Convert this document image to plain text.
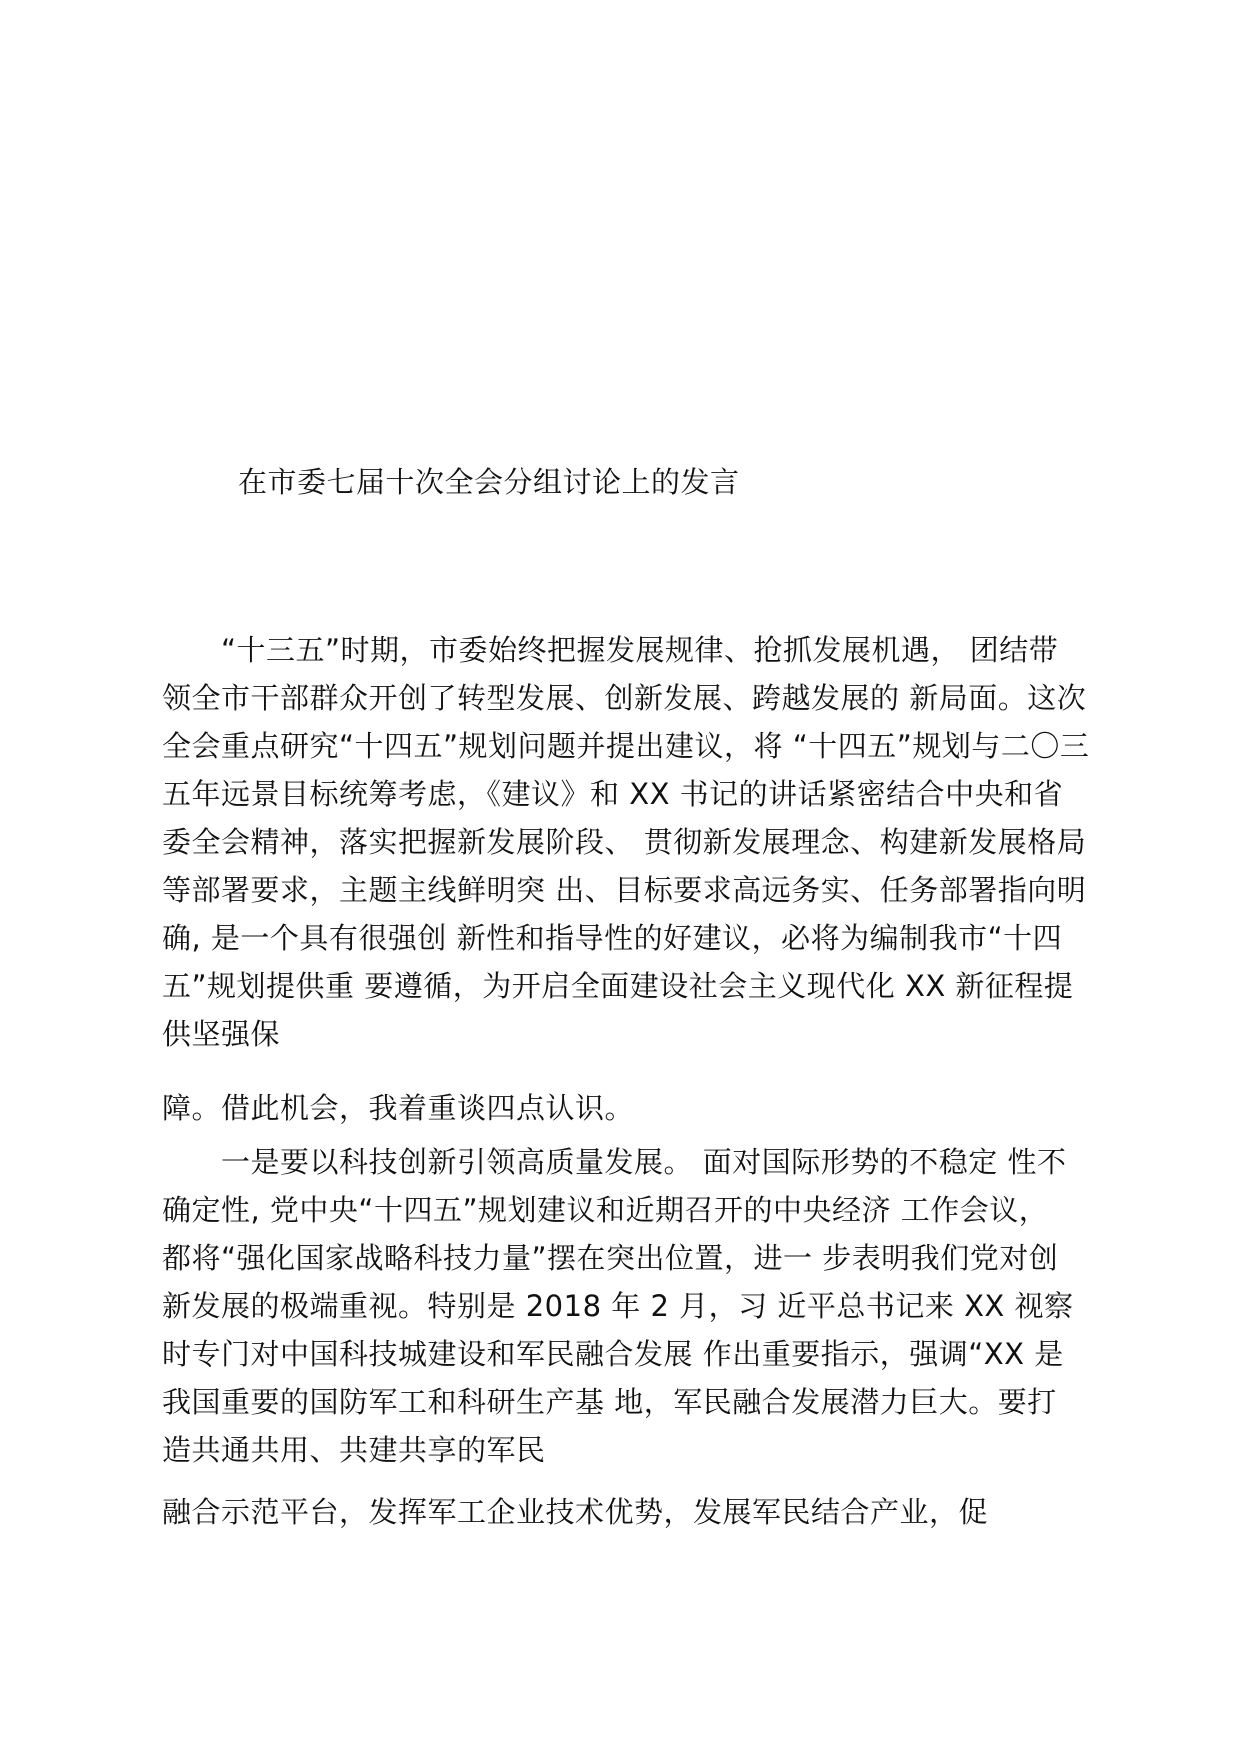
在市委七届十次全会分组讨论上的发言
　　“十三五”时期，市委始终把握发展规律、抢抓发展机遇， 团结带
领全市干部群众开创了转型发展、创新发展、跨越发展的 新局面。这次
全会重点研究“十四五”规划问题并提出建议，将 “十四五”规划与二〇三
五年远景目标统筹考虑，《建议》和 XX 书记的讲话紧密结合中央和省
委全会精神，落实把握新发展阶段、 贯彻新发展理念、构建新发展格局
等部署要求，主题主线鲜明突 出、目标要求高远务实、任务部署指向明
确, 是一个具有很强创 新性和指导性的好建议，必将为编制我市“十四
五”规划提供重 要遵循，为开启全面建设社会主义现代化 XX 新征程提
供坚强保
障。借此机会，我着重谈四点认识。
　　一是要以科技创新引领高质量发展。 面对国际形势的不稳定 性不
确定性, 党中央“十四五”规划建议和近期召开的中央经济 工作会议，
都将“强化国家战略科技力量”摆在突出位置，进一 步表明我们党对创
新发展的极端重视。特别是 2018 年 2 月，习 近平总书记来 XX 视察
时专门对中国科技城建设和军民融合发展 作出重要指示，强调“XX 是
我国重要的国防军工和科研生产基 地，军民融合发展潜力巨大。要打
造共通共用、共建共享的军民
融合示范平台，发挥军工企业技术优势，发展军民结合产业，促
